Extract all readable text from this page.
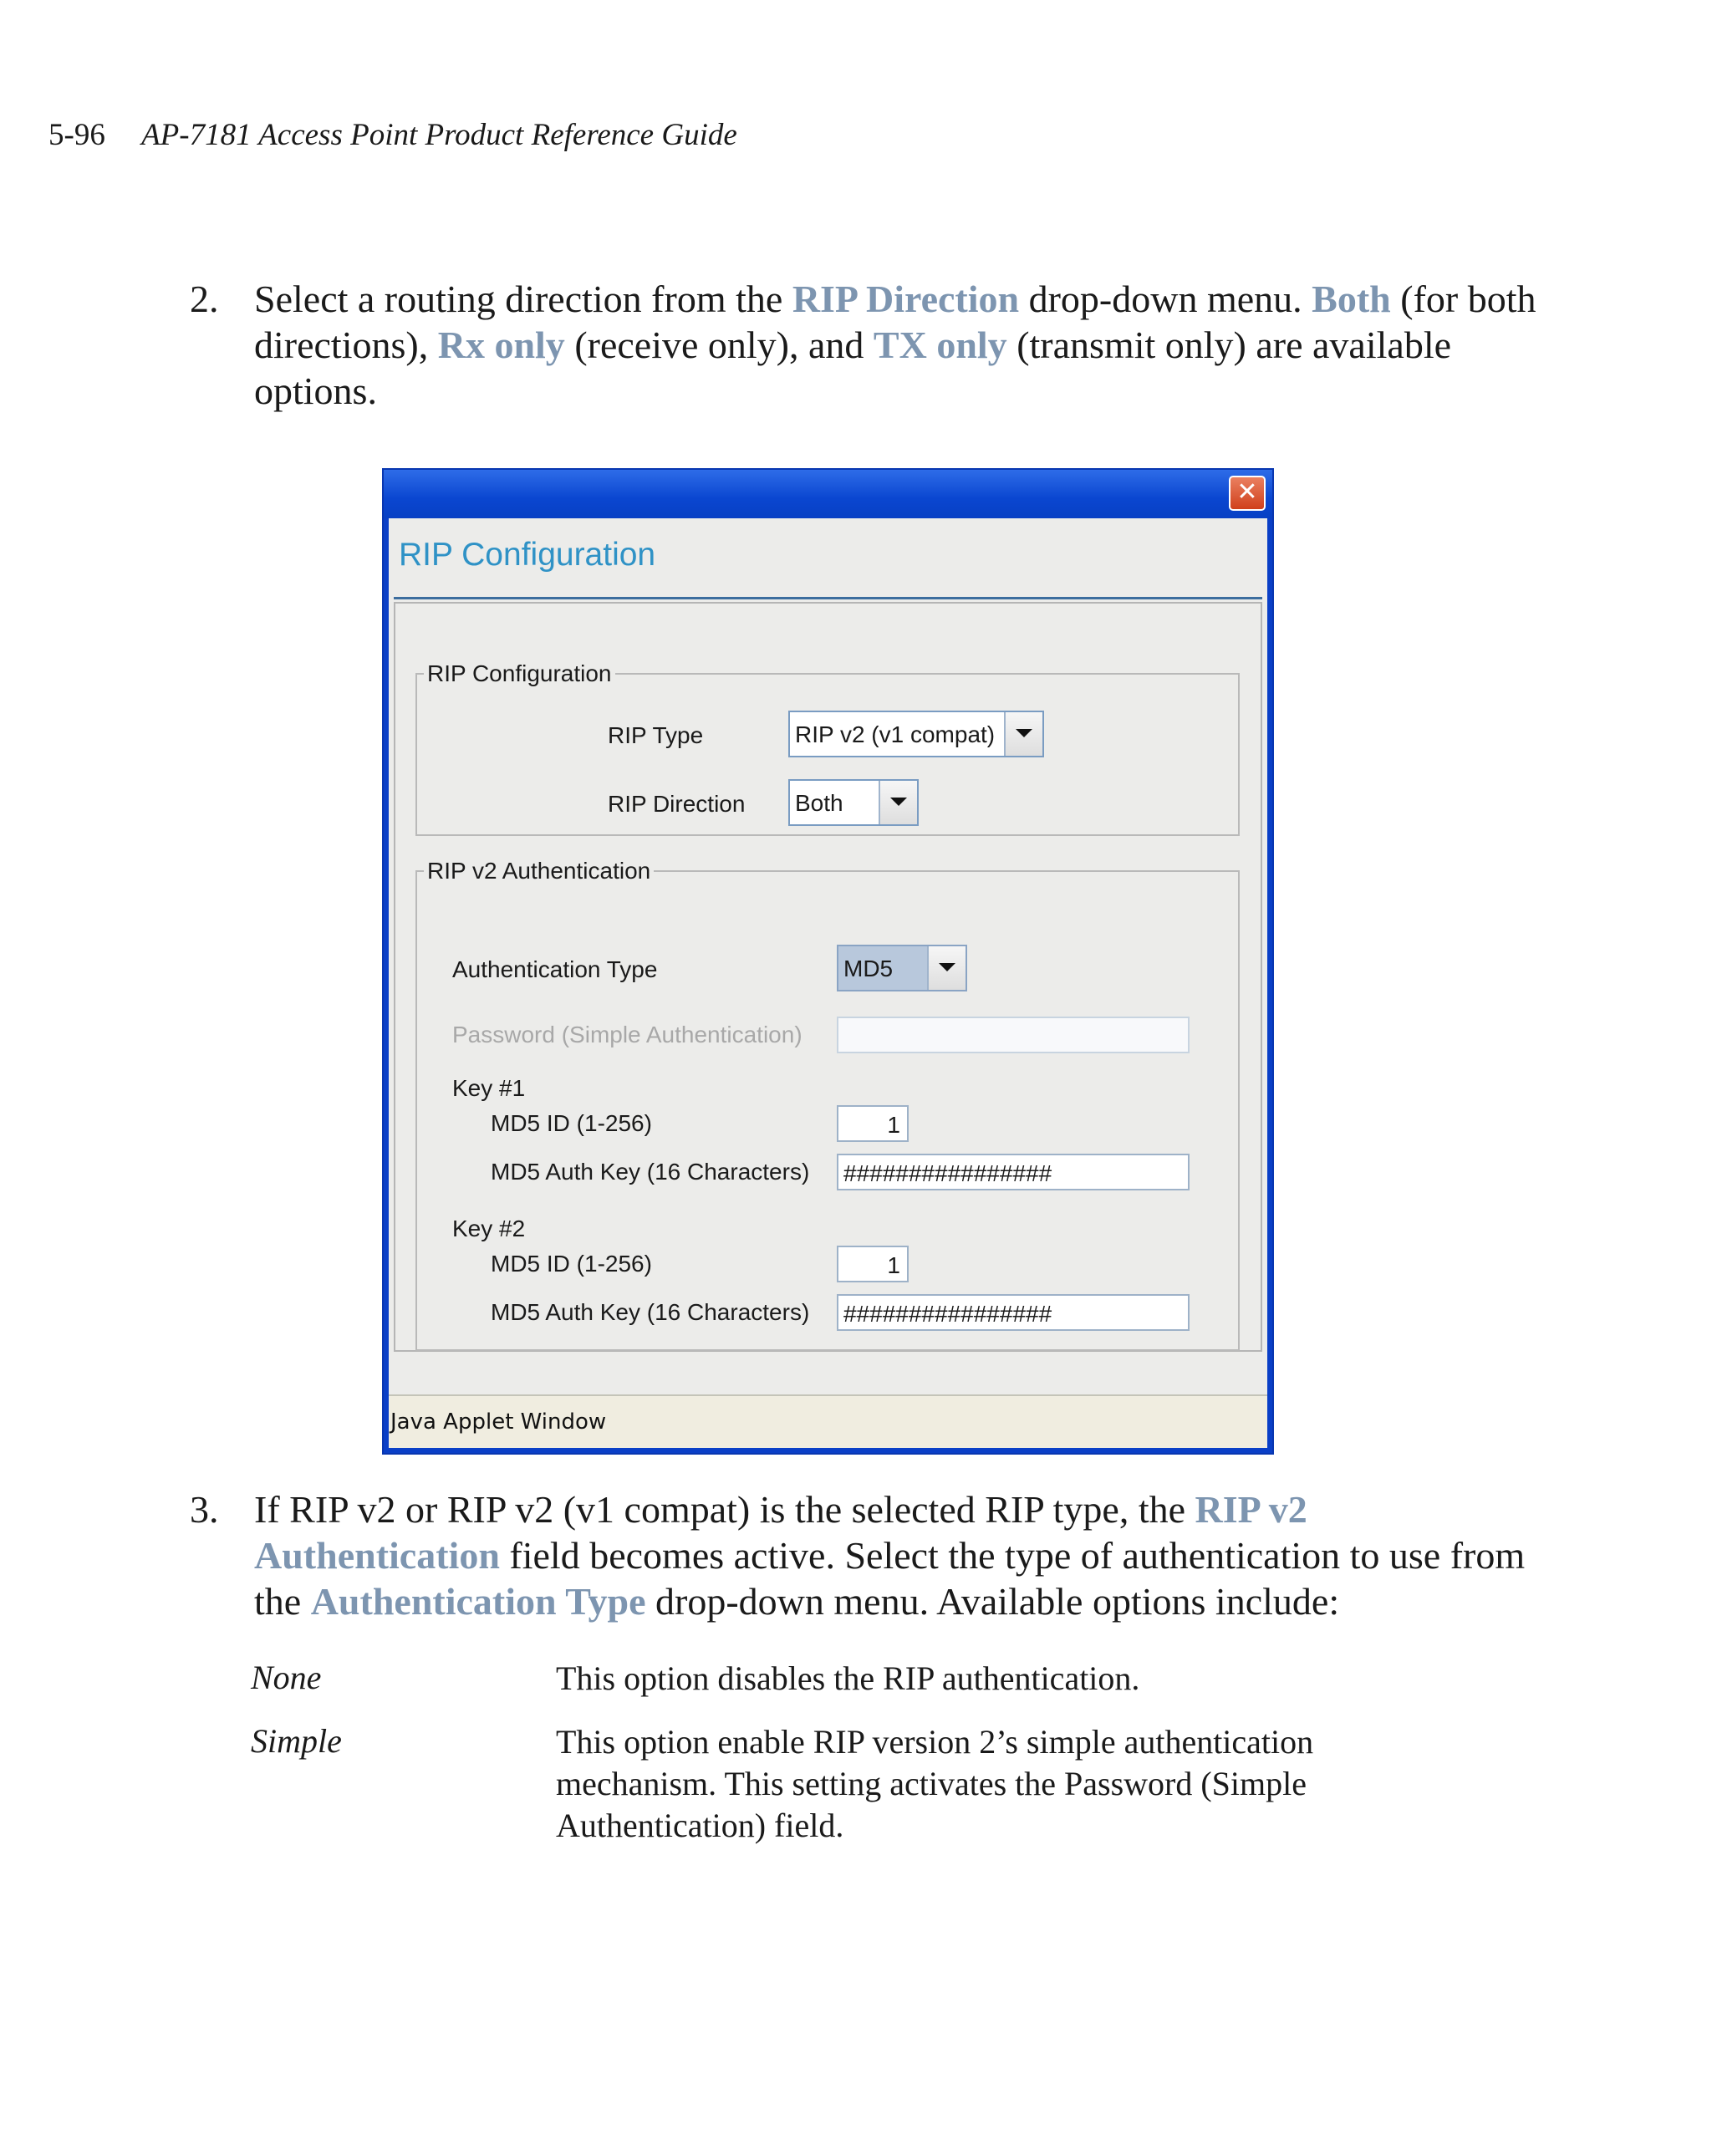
5-96 AP-7181 Access Point Product Reference Guide
2. Select a routing direction from the RIP Direction drop-down menu. Both (for both directions), Rx only (receive only), and TX only (transmit only) are available options.
✕
RIP Configuration
RIP Configuration
RIP Type	RIP v2 (v1 compat)
RIP Direction Both
RIP v2 Authentication
Authentication Type	MD5
Password (Simple Authentication)
Key #1
MD5 ID (1-256)	1
MD5 Auth Key (16 Characters) ################
Key #2
MD5 ID (1-256)	1
MD5 Auth Key (16 Characters) ################
Java Applet Window
3. If RIP v2 or RIP v2 (v1 compat) is the selected RIP type, the RIP v2 Authentication field becomes active. Select the type of authentication to use from the Authentication Type drop-down menu. Available options include:
None	This option disables the RIP authentication.
Simple	This option enable RIP version 2’s simple authentication mechanism. This setting activates the Password (Simple Authentication) field.
